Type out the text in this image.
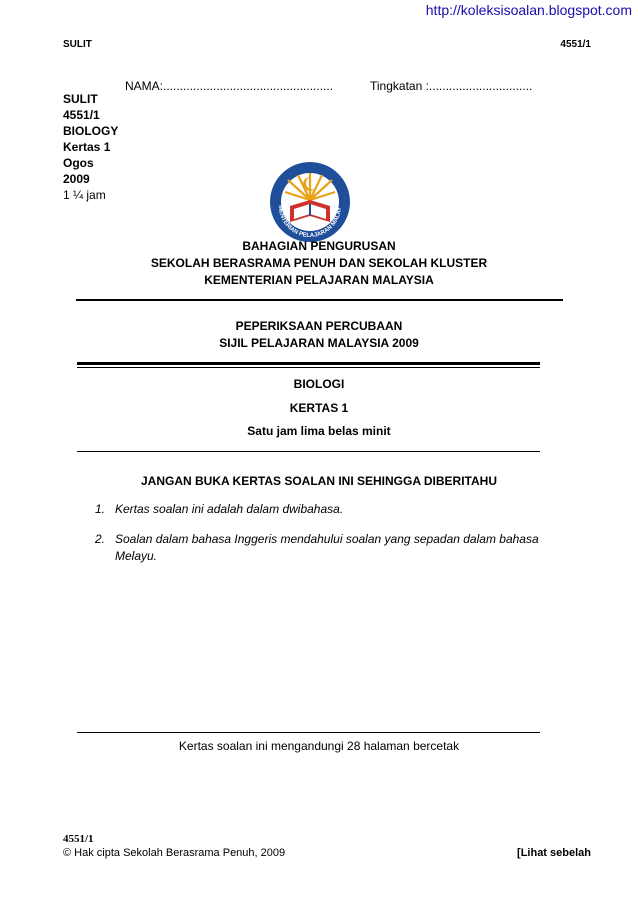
http://koleksisoalan.blogspot.com
SULIT	4551/1
NAMA:...................................................	Tingkatan :...............................
SULIT
4551/1
BIOLOGY
Kertas 1
Ogos
2009
1 ¼ jam
MENTERIAN PELAJARAN MALAY
BAHAGIAN PENGURUSAN
SEKOLAH BERASRAMA PENUH DAN SEKOLAH KLUSTER
KEMENTERIAN PELAJARAN MALAYSIA
PEPERIKSAAN PERCUBAAN
SIJIL PELAJARAN MALAYSIA 2009
BIOLOGI
KERTAS 1
Satu jam lima belas minit
JANGAN BUKA KERTAS SOALAN INI SEHINGGA DIBERITAHU
1. Kertas soalan ini adalah dalam dwibahasa.
2. Soalan dalam bahasa Inggeris mendahului soalan yang sepadan dalam bahasa Melayu.
Kertas soalan ini mengandungi 28 halaman bercetak
4551/1
© Hak cipta Sekolah Berasrama Penuh, 2009	[Lihat sebelah
